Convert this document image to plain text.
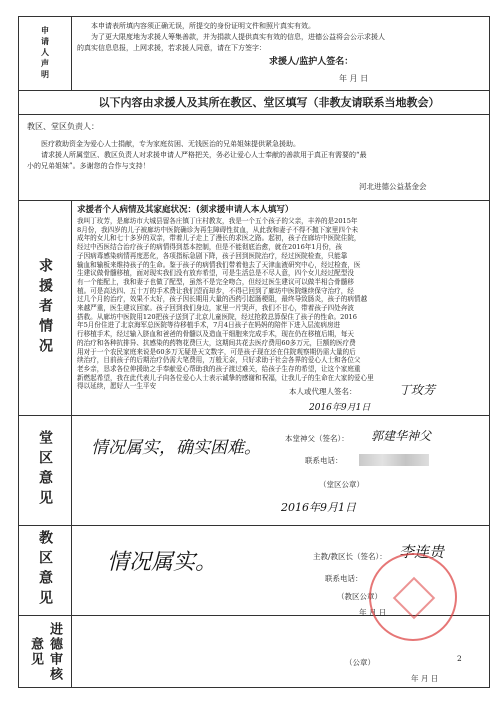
申请人声明	本申请表所填内容须正确无误，所提交的身份证明文件和照片真实有效。
为了更大限度地为求援人筹集善款，并为捐款人提供真实有效的信息，进德公益将会公示求援人
的真实信息息报，上网求援，若求援人同意，请在下方签字：
求援人/监护人签名：
年 月 日
以下内容由求援人及其所在教区、堂区填写（非教友请联系当地教会）
教区、堂区负责人：
医疗救助资金为爱心人士捐献，专为家庭贫困、无钱医治的兄弟姐妹提供紧急援助。
请求援人所属堂区、教区负责人对求援申请人严格把关，务必让爱心人士奉献的善款用于真正有需要的“最
小的兄弟姐妹”。多谢您的合作与支持！
河北进德公益基金会
求援者情况
求援者个人病情及其家庭状况：(须求援申请人本人填写）
我叫丁玫芳，是廊坊市大城县留各庄镇丁庄村教友，我是一个五个孩子的父亲，丰养的是2015年
8月份，我四岁的儿子被廊坊中医院确诊为再生障碍性贫血，从此我和妻子不得不抛下家里四个未
成年的女儿和七十多岁的双亲，带着儿子走上了漫长的求医之路。起初，孩子在廊坊中医院住院，
经过中西医结合治疗孩子的病情得到基本控制，但是不能彻底治愈，就在2016年1月份，孩
子因病毒感染病情再度恶化，各项指标急剧下降，孩子回到医院治疗，经过医院检查，只能靠
输血和输板来维持孩子的生命。鉴于孩子的病情我们带着他去了天津血液研究中心，经过检查，医
生建议做骨髓移植，面对现实我们没有放弃希望，可是生活总是不尽人意，四个女儿经过配型没
有一个能配上，我和妻子也做了配型，虽然不是完全吻合，但经过医生建议可以做半相合骨髓移
植。可是高达四、五十万的手术费让我们望而却步，不得已回到了廊坊中医院继续保守治疗，经
过几个月的治疗，效果不太好，孩子因长期用大量的西药引起肠梗阻，最终导致肠炎，孩子的病情越
来越严重，医生建议回家。孩子回到我们身边，家里一片哭声，我们不甘心，带着孩子四处奔波
搭救。从廊坊中医院用120把孩子送到了北京儿童医院，经过抢救总算保住了孩子的性命。2016
年5月份住进了北京海军总医院等待移植手术，7月4日孩子在妈妈的陪伴下进入层流病房进
行移植手术，经过输入脐血和爸爸的骨髓以及造血干细胞来完成手术，现在仍在移植后期，每天
的治疗和各种抗排异、抗感染的药物花费巨大，这期间共花去医疗费用60多万元，巨额的医疗费
用对于一个农民家庭来说是60多万无疑是天文数字，可是孩子现在还在住院观察期仍需大量的后
续治疗，目前孩子的后期治疗仍需大笔费用，万般无奈，只好求助于社会各界的爱心人士和各位父
老乡亲，恳求各位伸援助之手奉献爱心帮助我的孩子渡过难关，给孩子生存的希望，让这个家庭重
新燃起希望，我在此代表儿子向各位爱心人士表示诚挚的感谢和祝福，让我儿子的生命在大家的爱心里
得以延续，愿好人一生平安
本人或代理人签名：	丁玫芳
2016年9月1日
堂区意见 情况属实，确实困难。	本堂神父（签名）： 郭建华神父
联系电话：
（堂区公章）
2016年9月1日
教区意见 情况属实。	主教/教区长（签名）： 李连贵
联系电话：
（教区公章）
年 月 日
进德审核意见	（公章）
年 月 日
2
